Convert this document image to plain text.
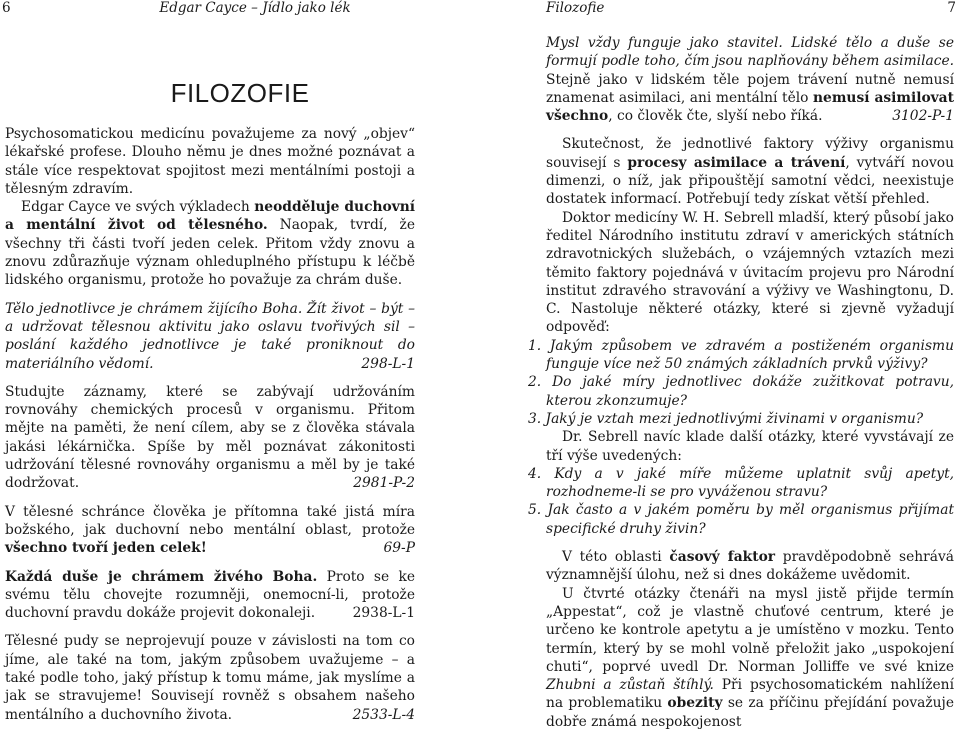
6	Edgar Cayce – Jídlo jako lék
FILOZOFIE

Psychosomatickou medicínu považujeme za nový „objev“ lékařské profese. Dlouho němu je dnes možné poznávat a stále více respektovat spojitost mezi mentálními postoji a tělesným zdravím.

Edgar Cayce ve svých výkladech neodděluje duchovní a mentální život od tělesného. Naopak, tvrdí, že všechny tři části tvoří jeden celek. Přitom vždy znovu a znovu zdůrazňuje význam ohleduplného přístupu k léčbě lidského organismu, protože ho považuje za chrám duše.

Tělo jednotlivce je chrámem žijícího Boha. Žít život – být – a udržovat tělesnou aktivitu jako oslavu tvořivých sil – poslání každého jednotlivce je také proniknout do materiálního vědomí.	298-L-1

Studujte záznamy, které se zabývají udržováním rovnováhy chemických procesů v organismu. Přitom mějte na paměti, že není cílem, aby se z člověka stávala jakási lékárnička. Spíše by měl poznávat zákonitosti udržování tělesné rovnováhy organismu a měl by je také dodržovat.	2981-P-2

V tělesné schránce člověka je přítomna také jistá míra božského, jak duchovní nebo mentální oblast, protože všechno tvoří jeden celek!	69-P

Každá duše je chrámem živého Boha. Proto se ke svému tělu chovejte rozumněji, onemocní-li, protože duchovní pravdu dokáže projevit dokonaleji.	2938-L-1

Tělesné pudy se neprojevují pouze v závislosti na tom co jíme, ale také na tom, jakým způsobem uvažujeme – a také podle toho, jaký přístup k tomu máme, jak myslíme a jak se stravujeme! Souvisejí rovněž s obsahem našeho mentálního a duchovního života.	2533-L-4

Filozofie	7

Mysl vždy funguje jako stavitel. Lidské tělo a duše se formují podle toho, čím jsou naplňovány během asimilace. Stejně jako v lidském těle pojem trávení nutně nemusí znamenat asimilaci, ani mentální tělo nemusí asimilovat všechno, co člověk čte, slyší nebo říká.	3102-P-1

Skutečnost, že jednotlivé faktory výživy organismu souvisejí s procesy asimilace a trávení, vytváří novou dimenzi, o níž, jak připouštějí samotní vědci, neexistuje dostatek informací. Potřebují tedy získat větší přehled.

Doktor medicíny W. H. Sebrell mladší, který působí jako ředitel Národního institutu zdraví v amerických státních zdravotnických služebách, o vzájemných vztazích mezi těmito faktory pojednává v úvitacím projevu pro Národní institut zdravého stravování a výživy ve Washingtonu, D. C. Nastoluje některé otázky, které si zjevně vyžadují odpověď:

1. Jakým způsobem ve zdravém a postiženém organismu funguje více než 50 známých základních prvků výživy?

2. Do jaké míry jednotlivec dokáže zužitkovat potravu, kterou zkonzumuje?

3. Jaký je vztah mezi jednotlivými živinami v organismu?

Dr. Sebrell navíc klade další otázky, které vyvstávají ze tří výše uvedených:

4. Kdy a v jaké míře můžeme uplatnit svůj apetyt, rozhodneme-li se pro vyváženou stravu?

5. Jak často a v jakém poměru by měl organismus přijímat specifické druhy živin?

V této oblasti časový faktor pravděpodobně sehrává významnější úlohu, než si dnes dokážeme uvědomit.

U čtvrté otázky čtenáři na mysl jistě přijde termín „Appestat“, což je vlastně chuťové centrum, které je určeno ke kontrole apetytu a je umístěno v mozku. Tento termín, který by se mohl volně přeložit jako „uspokojení chuti“, poprvé uvedl Dr. Norman Jolliffe ve své knize Zhubni a zůstaň štíhlý. Při psychosomatickém nahlížení na problematiku obezity se za příčinu přejídání považuje dobře známá nespokojenost
